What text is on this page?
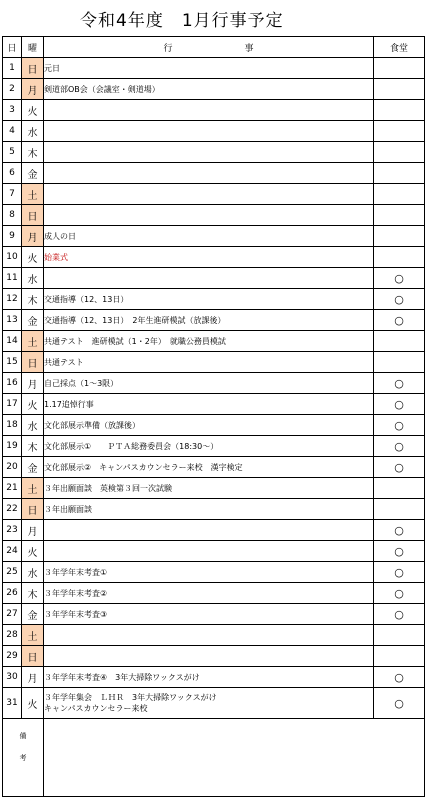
令和4年度　1月行事予定
日	曜	行　　　　　　　　事	食堂
1	日	元日	
2	月	剣道部OB会（会議室・剣道場）	
3	火		
4	水		
5	木		
6	金		
7	土		
8	日		
9	月	成人の日	
10	火	始業式	
11	水		○
12	木	交通指導（12、13日）	○
13	金	交通指導（12、13日）　2年生進研模試（放課後）	○
14	土	共通テスト　進研模試（1・2年）　就職公務員模試	
15	日	共通テスト	
16	月	自己採点（1～3限）	○
17	火	1.17追悼行事	○
18	水	文化部展示準備（放課後）	○
19	木	文化部展示①　　ＰＴＡ総務委員会（18:30～）	○
20	金	文化部展示②　キャンパスカウンセラー来校　漢字検定	○
21	土	３年出願面談　英検第３回一次試験	
22	日	３年出願面談	
23	月		○
24	火		○
25	水	３年学年末考査①	○
26	木	３年学年末考査②	○
27	金	３年学年末考査③	○
28	土		
29	日		
30	月	３年学年末考査④　3年大掃除ワックスがけ	○
31	火	３年学年集会　ＬＨＲ　3年大掃除ワックスがけ
キャンパスカウンセラー来校	○

備
考			
